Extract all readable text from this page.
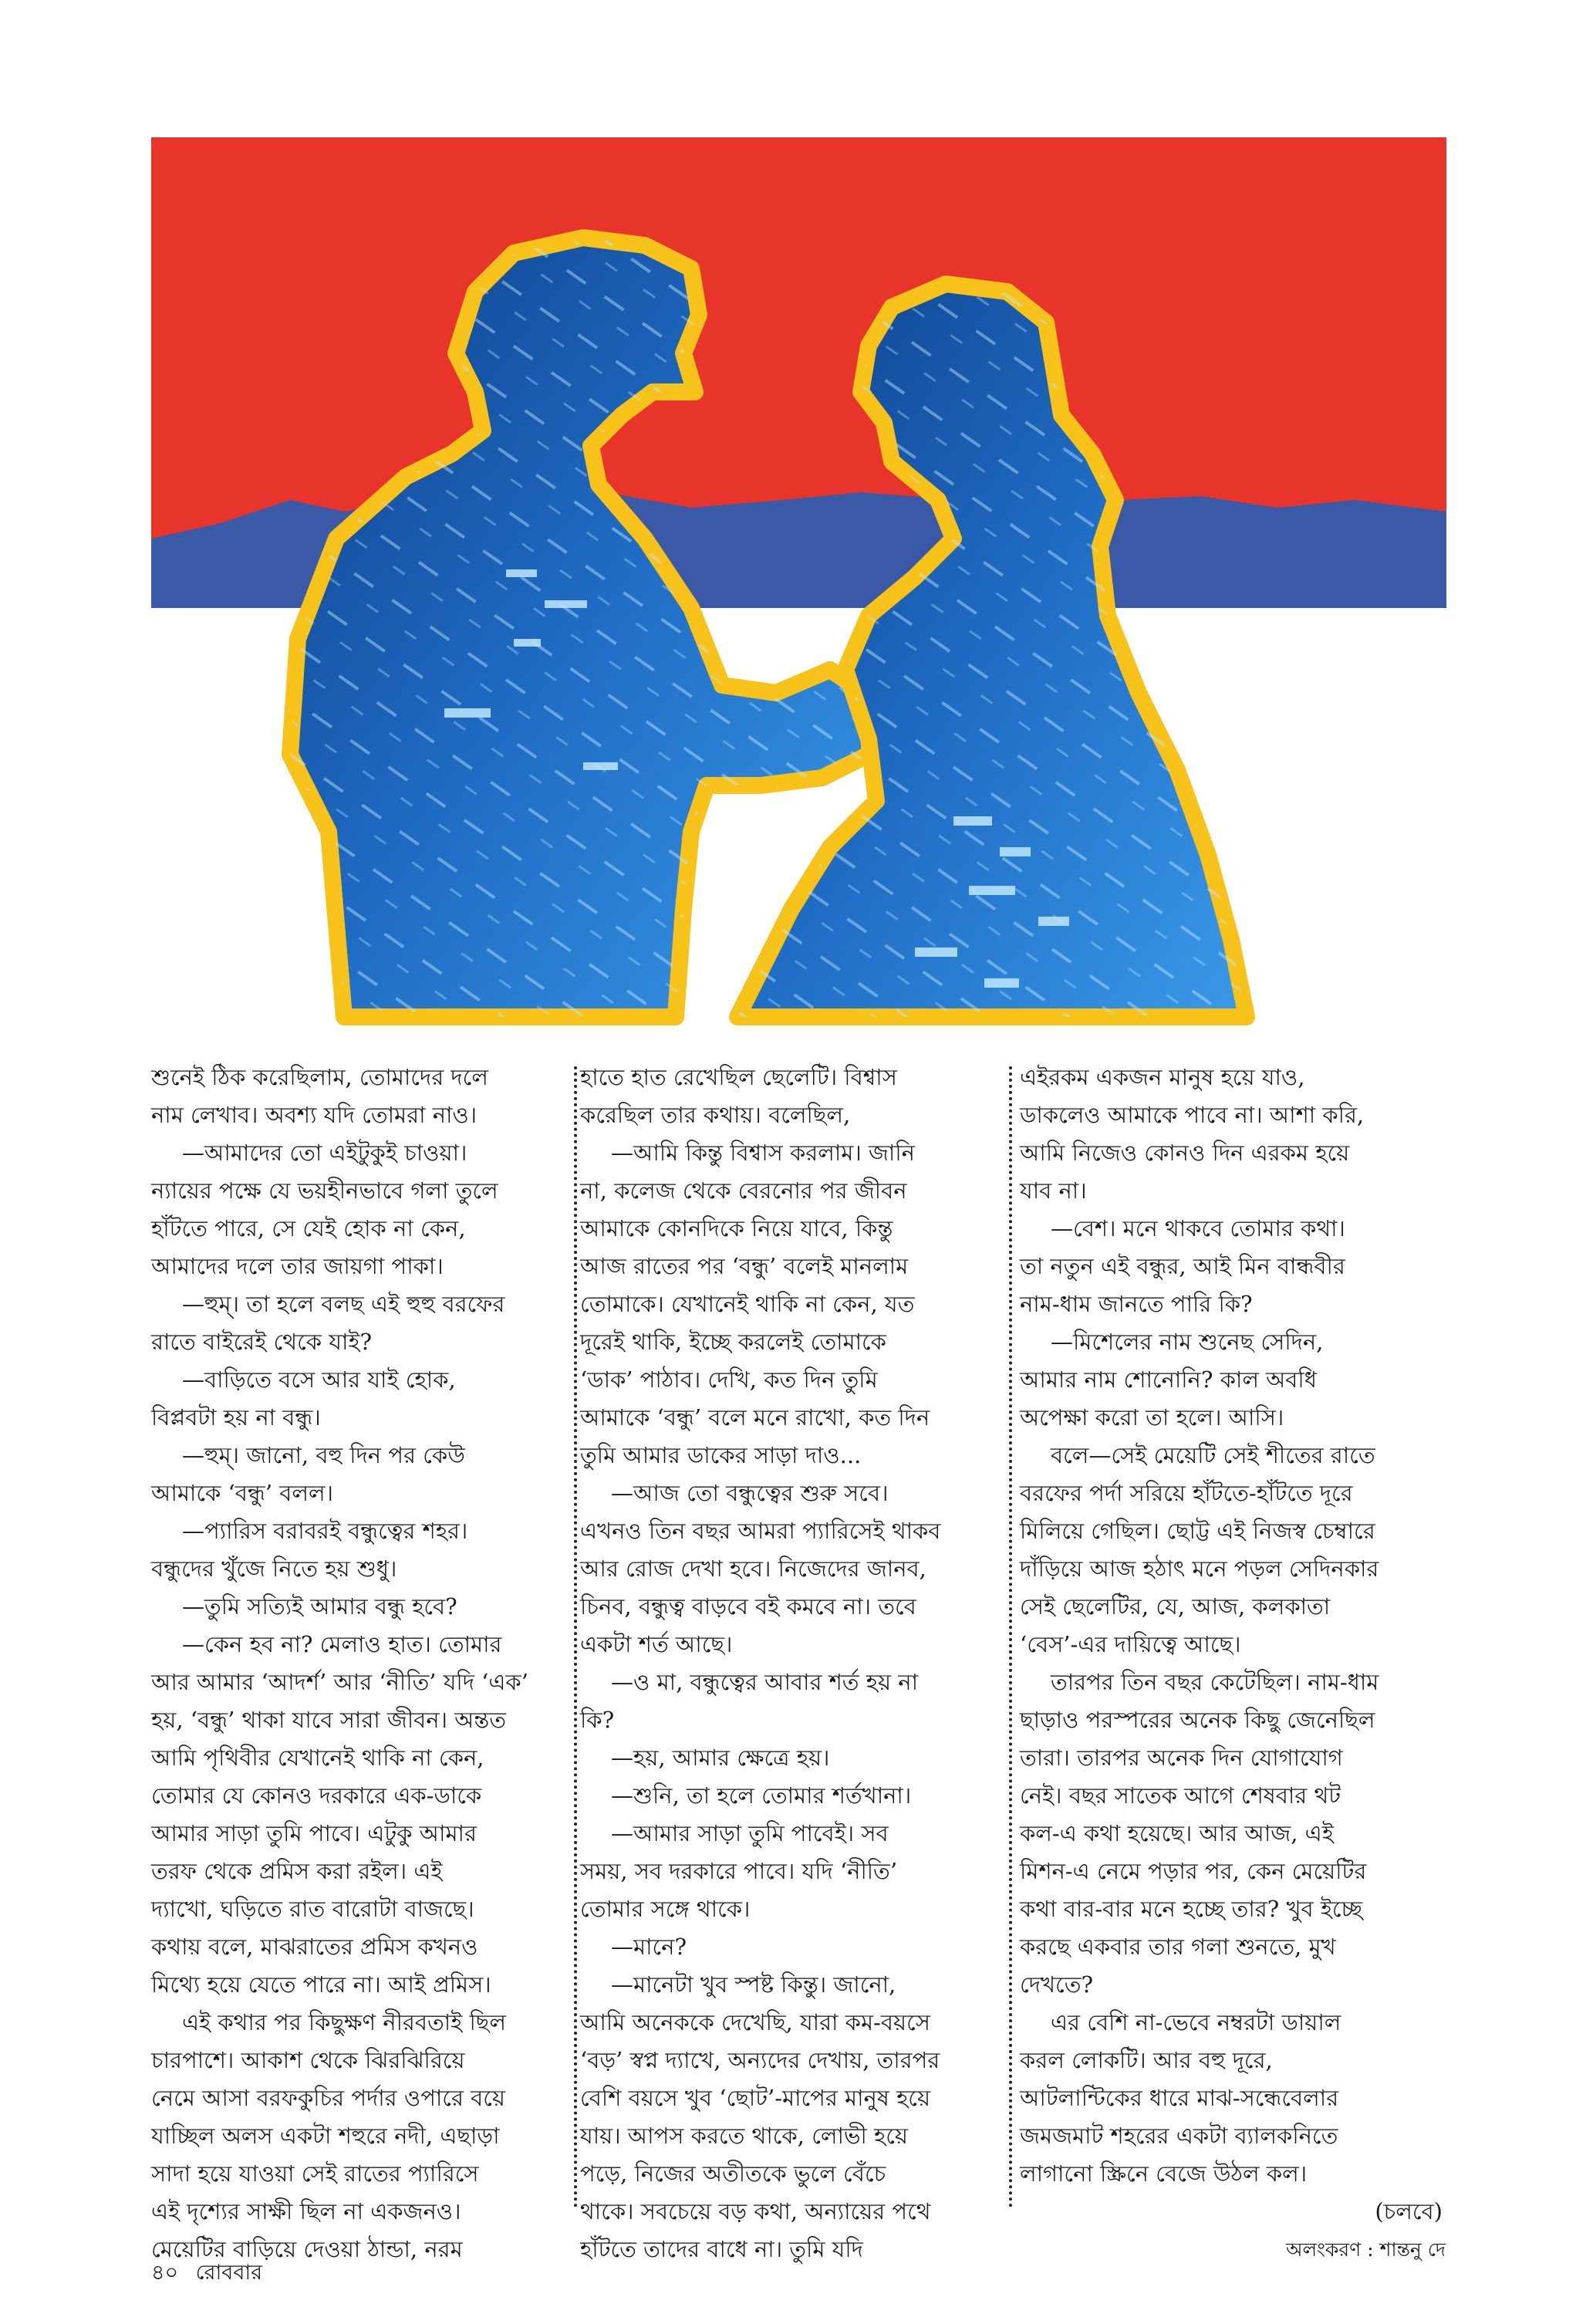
শুনেই ঠিক করেছিলাম, তোমাদের দলে

নাম লেখাব। অবশ্য যদি তোমরা নাও।

—আমাদের তো এইটুকুই চাওয়া।

ন্যায়ের পক্ষে যে ভয়হীনভাবে গলা তুলে

হাঁটতে পারে, সে যেই হোক না কেন,

আমাদের দলে তার জায়গা পাকা।

—হুম্। তা হলে বলছ এই হুহু বরফের

রাতে বাইরেই থেকে যাই?

—বাড়িতে বসে আর যাই হোক,

বিপ্লবটা হয় না বন্ধু।

—হুম্। জানো, বহু দিন পর কেউ

আমাকে ‘বন্ধু’ বলল।

—প্যারিস বরাবরই বন্ধুত্বের শহর।

বন্ধুদের খুঁজে নিতে হয় শুধু।

—তুমি সত্যিই আমার বন্ধু হবে?

—কেন হব না? মেলাও হাত। তোমার

আর আমার ‘আদর্শ’ আর ‘নীতি’ যদি ‘এক’

হয়, ‘বন্ধু’ থাকা যাবে সারা জীবন। অন্তত

আমি পৃথিবীর যেখানেই থাকি না কেন,

তোমার যে কোনও দরকারে এক-ডাকে

আমার সাড়া তুমি পাবে। এটুকু আমার

তরফ থেকে প্রমিস করা রইল। এই

দ্যাখো, ঘড়িতে রাত বারোটা বাজছে।

কথায় বলে, মাঝরাতের প্রমিস কখনও

মিথ্যে হয়ে যেতে পারে না। আই প্রমিস।

এই কথার পর কিছুক্ষণ নীরবতাই ছিল

চারপাশে। আকাশ থেকে ঝিরঝিরিয়ে

নেমে আসা বরফকুচির পর্দার ওপারে বয়ে

যাচ্ছিল অলস একটা শহুরে নদী, এছাড়া

সাদা হয়ে যাওয়া সেই রাতের প্যারিসে

এই দৃশ্যের সাক্ষী ছিল না একজনও।

মেয়েটির বাড়িয়ে দেওয়া ঠান্ডা, নরম

হাতে হাত রেখেছিল ছেলেটি। বিশ্বাস

করেছিল তার কথায়। বলেছিল,

—আমি কিন্তু বিশ্বাস করলাম। জানি

না, কলেজ থেকে বেরনোর পর জীবন

আমাকে কোনদিকে নিয়ে যাবে, কিন্তু

আজ রাতের পর ‘বন্ধু’ বলেই মানলাম

তোমাকে। যেখানেই থাকি না কেন, যত

দূরেই থাকি, ইচ্ছে করলেই তোমাকে

‘ডাক’ পাঠাব। দেখি, কত দিন তুমি

আমাকে ‘বন্ধু’ বলে মনে রাখো, কত দিন

তুমি আমার ডাকের সাড়া দাও...

—আজ তো বন্ধুত্বের শুরু সবে।

এখনও তিন বছর আমরা প্যারিসেই থাকব

আর রোজ দেখা হবে। নিজেদের জানব,

চিনব, বন্ধুত্ব বাড়বে বই কমবে না। তবে

একটা শর্ত আছে।

—ও মা, বন্ধুত্বের আবার শর্ত হয় না

কি?

—হয়, আমার ক্ষেত্রে হয়।

—শুনি, তা হলে তোমার শর্তখানা।

—আমার সাড়া তুমি পাবেই। সব

সময়, সব দরকারে পাবে। যদি ‘নীতি’

তোমার সঙ্গে থাকে।

—মানে?

—মানেটা খুব স্পষ্ট কিন্তু। জানো,

আমি অনেককে দেখেছি, যারা কম-বয়সে

‘বড়’ স্বপ্ন দ্যাখে, অন্যদের দেখায়, তারপর

বেশি বয়সে খুব ‘ছোট’-মাপের মানুষ হয়ে

যায়। আপস করতে থাকে, লোভী হয়ে

পড়ে, নিজের অতীতকে ভুলে বেঁচে

থাকে। সবচেয়ে বড় কথা, অন্যায়ের পথে

হাঁটতে তাদের বাধে না। তুমি যদি

এইরকম একজন মানুষ হয়ে যাও,

ডাকলেও আমাকে পাবে না। আশা করি,

আমি নিজেও কোনও দিন এরকম হয়ে

যাব না।

—বেশ। মনে থাকবে তোমার কথা।

তা নতুন এই বন্ধুর, আই মিন বান্ধবীর

নাম-ধাম জানতে পারি কি?

—মিশেলের নাম শুনেছ সেদিন,

আমার নাম শোনোনি? কাল অবধি

অপেক্ষা করো তা হলে। আসি।

বলে—সেই মেয়েটি সেই শীতের রাতে

বরফের পর্দা সরিয়ে হাঁটতে-হাঁটতে দূরে

মিলিয়ে গেছিল। ছোট্ট এই নিজস্ব চেম্বারে

দাঁড়িয়ে আজ হঠাৎ মনে পড়ল সেদিনকার

সেই ছেলেটির, যে, আজ, কলকাতা

‘বেস’-এর দায়িত্বে আছে।

তারপর তিন বছর কেটেছিল। নাম-ধাম

ছাড়াও পরস্পরের অনেক কিছু জেনেছিল

তারা। তারপর অনেক দিন যোগাযোগ

নেই। বছর সাতেক আগে শেষবার থট

কল-এ কথা হয়েছে। আর আজ, এই

মিশন-এ নেমে পড়ার পর, কেন মেয়েটির

কথা বার-বার মনে হচ্ছে তার? খুব ইচ্ছে

করছে একবার তার গলা শুনতে, মুখ

দেখতে?

এর বেশি না-ভেবে নম্বরটা ডায়াল

করল লোকটি। আর বহু দূরে,

আটলান্টিকের ধারে মাঝ-সন্ধেবেলার

জমজমাট শহরের একটা ব্যালকনিতে

লাগানো স্ক্রিনে বেজে উঠল কল।

(চলবে)

অলংকরণ : শান্তনু দে

৪০ রোববার
